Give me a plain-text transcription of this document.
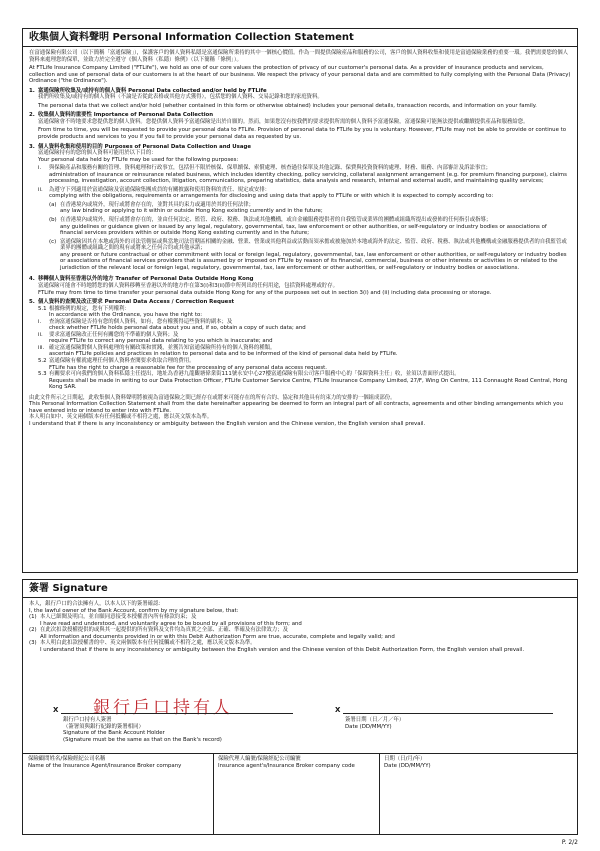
收集個人資料聲明 Personal Information Collection Statement

在富通保險有限公司（以下簡稱「富通保險」），保護客戶的個人資料私隱是富通保險所秉持的其中一個核心價值。作為一間提供保險產品和服務的公司，客戶的個人資料收集和使用是富通保險業務的重要一環。我們需要您的個人資料來處理您的保單，並致力於完全遵守《個人資料（私隱）條例》（以下簡稱「條例」）。

At FTLife Insurance Company Limited ("FTLife"), we hold as one of our core values the protection of privacy of our customer's personal data. As a provider of insurance products and services, collection and use of personal data of our customers is at the heart of our business. We respect the privacy of your personal data and are committed to fully complying with the Personal Data (Privacy) Ordinance ("the Ordinance").

1. 富通保險所收集及/或持有的個人資料 Personal Data collected and/or held by FTLife

我們所收集及/或持有的個人資料（不論是否從此表格或其他方式獲得），包括您的個人資料、交易記錄和您的家庭資料。

The personal data that we collect and/or hold (whether contained in this form or otherwise obtained) includes your personal details, transaction records, and information on your family.

2. 收集個人資料的重要性 Importance of Personal Data Collection

富通保險會不時地要求您提供您的個人資料。您提供個人資料予富通保險是出於自願的。然而，如果您沒有按我們的要求提供所需的個人資料予富通保險，富通保險可能無法提供或繼續提供產品和服務給您。

From time to time, you will be requested to provide your personal data to FTLife. Provision of personal data to FTLife by you is voluntary. However, FTLife may not be able to provide or continue to provide products and services to you if you fail to provide your personal data as requested by us.

3. 個人資料收集和使用的目的 Purposes of Personal Data Collection and Usage

富通保險持有的您的個人資料可能用於以下目的：

Your personal data held by FTLife may be used for the following purposes:

i.	與保險產品和服務有關的管理、資料處理和行政事宜，包括但不限於核保、保單續保、索償處理、核查過往保單及其他記錄、保費與投資資料的處理、財務、賬務、內部審計及訴訟事宜；

administration of insurance or reinsurance related business, which includes identity checking, policy servicing, collateral assignment arrangement (e.g. for premium financing purpose), claims processing, investigation, account collection, litigation, communications, preparing statistics, data analysis and research, internal and external audit, and maintaining quality services;

ii.	為遵守下列適用於富通保險及富通保險集團成員的有關披露和使用資料的責任、規定或安排：

complying with the obligations, requirements or arrangements for disclosing and using data that apply to FTLife or with which it is expected to comply according to:

(a) 在香港境內或境外，現行或將會存在的，並對其具約束力或適用於其的任何法律；

any law binding or applying to it within or outside Hong Kong existing currently and in the future;

(b) 在香港境內或境外，現行或將會存在的，並由任何法定、監管、政府、稅務、執法或其他機構，或自金融服務提供者的自我監管或業界的團體或組織所提出或發佈的任何指引或指導；

any guidelines or guidance given or issued by any legal, regulatory, governmental, tax, law enforcement or other authorities, or self-regulatory or industry bodies or associations of financial services providers within or outside Hong Kong existing currently and in the future;

(c) 富通保險因其在本地或海外的司法管轄區或與當地司法管轄區相關的金融、營業、營業或其他利益或活動而須承擔或被施加於本地或海外的法定、監管、政府、稅務、執法或其他機構或金融服務提供者的自我監管或業界的團體或組織之間的現有或將來之任何合約或其他承諾；

any present or future contractual or other commitment with local or foreign legal, regulatory, governmental, tax, law enforcement or other authorities, or self-regulatory or industry bodies or associations of financial services providers that is assumed by or imposed on FTLife by reason of its financial, commercial, business or other interests or activities in or related to the jurisdiction of the relevant local or foreign legal, regulatory, governmental, tax, law enforcement or other authorities, or self-regulatory or industry bodies or associations.

4. 移轉個人資料至香港以外的地方 Transfer of Personal Data Outside Hong Kong

富通保險可能會不時地將您的個人資料移轉至香港以外的地方作在第3(i)和3(ii)節中所列出的任何用途，包括資料處理或貯存。

FTLife may from time to time transfer your personal data outside Hong Kong for any of the purposes set out in section 3(i) and (ii) including data processing or storage.

5. 個人資料的查閱及改正要求 Personal Data Access / Correction Request
5.1 根據條例的規定，您有下列權利：

In accordance with the Ordinance, you have the right to:

i.	查詢富通保險是否持有您的個人資料，如有，您有權獲得這些資料的副本；及

check whether FTLife holds personal data about you and, if so, obtain a copy of such data; and

ii.	要求富通保險改正任何有關您的不準確的個人資料；及

require FTLife to correct any personal data relating to you which is inaccurate; and

iii. 確定富通保險對個人資料處理的有關政策和實踐，並獲告知富通保險所持有的個人資料的種類。

ascertain FTLife policies and practices in relation to personal data and to be informed of the kind of personal data held by FTLife.

5.2 富通保險有權就處理任何個人資料查閱要求收取合理的費用。

FTLife has the right to charge a reasonable fee for the processing of any personal data access request.

5.3 有關要求可向我們的個人資料私隱主任提出，地址為香港九龍觀塘偉業街111號永安中心27樓富通保險有限公司客戶服務中心的「保障資料主任」收，並須以書面形式提出。

Requests shall be made in writing to our Data Protection Officer, FTLife Customer Service Centre, FTLife Insurance Company Limited, 27/F, Wing On Centre, 111 Connaught Road Central, Hong Kong SAR.

由此文件所示之日期起，此收集個人資料聲明將被視為富通保險之間已經存在或將來可能存在的所有合約、協定和其他具有約束力的安排的一個組成部份。

This Personal Information Collection Statement shall from the date hereinafter appearing be deemed to form an integral part of all contracts, agreements and other binding arrangements which you have entered into or intend to enter into with FTLife.

本人明白如中、英文兩個版本有任何抵觸或不相符之處，應以英文版本為準。

I understand that if there is any inconsistency or ambiguity between the English version and the Chinese version, the English version shall prevail.

簽署 Signature

本人，銀行戶口的合法擁有人，以本人以下的簽署確認：

I, the lawful owner of the Bank Account, confirm by my signature below, that:

(1) 本人已細閱及明白，並自願同意接受本授權書內所有條款約束；及

I have read and understood, and voluntarily agree to be bound by all provisions of this form; and

(2) 在此次扣款授權提供的或與其一起提供的所有資料及文件均為真實之全部、正確、準確及有法律效力；及

All information and documents provided in or with this Debit Authorization Form are true, accurate, complete and legally valid; and

(3) 本人明白此扣款授權書的中、英文兩個版本有任何抵觸或不相符之處，應以英文版本為準。

I understand that if there is any inconsistency or ambiguity between the English version and the Chinese version of this Debit Authorization Form, the English version shall prevail.

銀行戶口持有人
X
銀行戶口持有人簽署
（簽署須與銀行紀錄的簽署相同）
Signature of the Bank Account Holder
(Signature must be the same as that on the Bank's record)
X
簽署日期（日／月／年）
Date (DD/MM/YY)
保險顧問姓名/保險經紀公司名稱
Name of the Insurance Agent/Insurance Broker company
保險代理人編號/保險經紀公司編號
Insurance agent's/Insurance Broker company code
日期（日/月/年）
Date (DD/MM/YY)
P. 2/2
